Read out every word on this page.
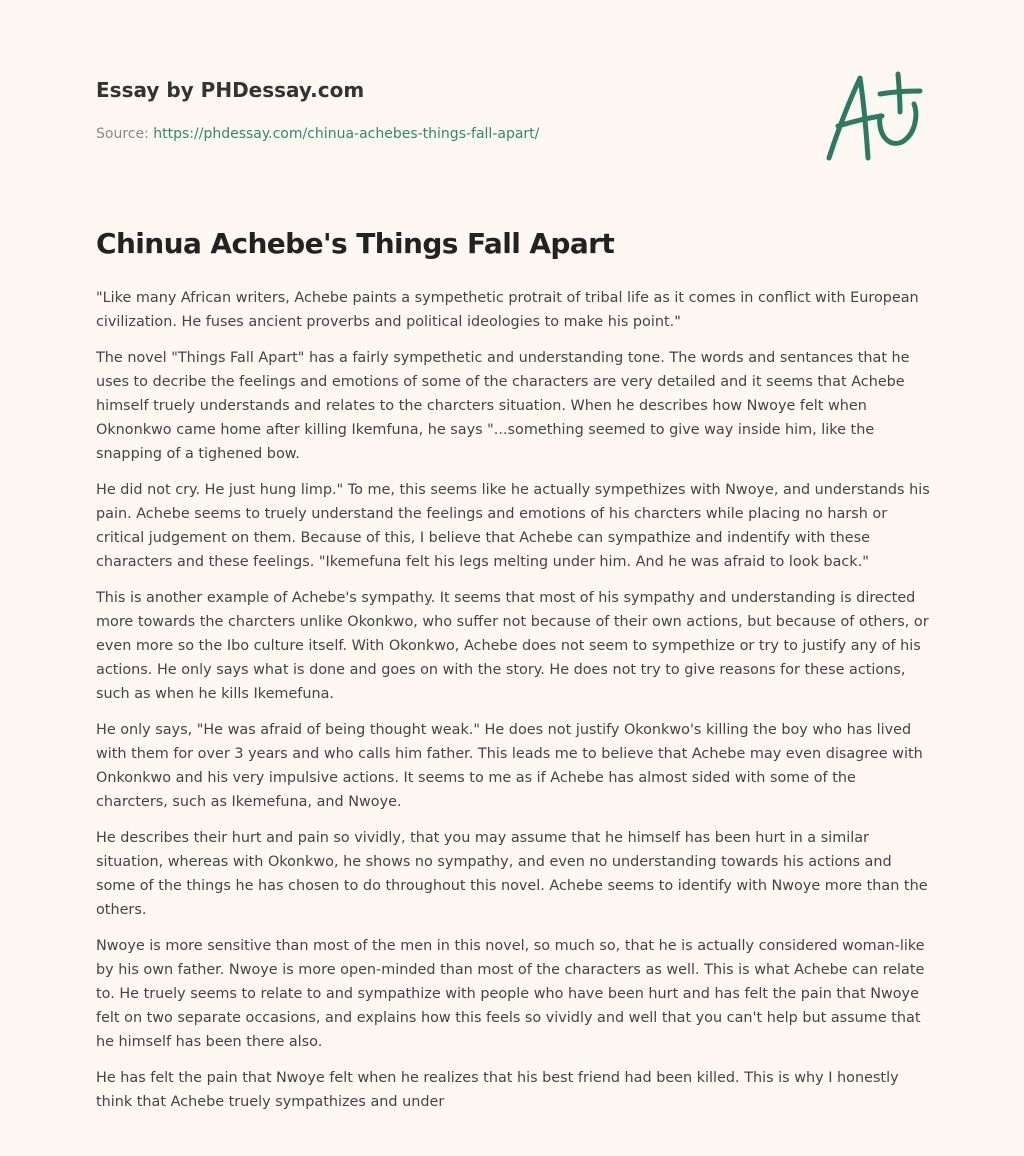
Essay by PHDessay.com
Source: https://phdessay.com/chinua-achebes-things-fall-apart/
Chinua Achebe's Things Fall Apart

"Like many African writers, Achebe paints a sympethetic protrait of tribal life as it comes in conflict with European civilization. He fuses ancient proverbs and political ideologies to make his point."

The novel "Things Fall Apart" has a fairly sympethetic and understanding tone. The words and sentances that he uses to decribe the feelings and emotions of some of the characters are very detailed and it seems that Achebe himself truely understands and relates to the charcters situation. When he describes how Nwoye felt when Oknonkwo came home after killing Ikemfuna, he says "...something seemed to give way inside him, like the snapping of a tighened bow.

He did not cry. He just hung limp." To me, this seems like he actually sympethizes with Nwoye, and understands his pain. Achebe seems to truely understand the feelings and emotions of his charcters while placing no harsh or critical judgement on them. Because of this, I believe that Achebe can sympathize and indentify with these characters and these feelings. "Ikemefuna felt his legs melting under him. And he was afraid to look back."

This is another example of Achebe's sympathy. It seems that most of his sympathy and understanding is directed more towards the charcters unlike Okonkwo, who suffer not because of their own actions, but because of others, or even more so the Ibo culture itself. With Okonkwo, Achebe does not seem to sympethize or try to justify any of his actions. He only says what is done and goes on with the story. He does not try to give reasons for these actions, such as when he kills Ikemefuna.

He only says, "He was afraid of being thought weak." He does not justify Okonkwo's killing the boy who has lived with them for over 3 years and who calls him father. This leads me to believe that Achebe may even disagree with Onkonkwo and his very impulsive actions. It seems to me as if Achebe has almost sided with some of the charcters, such as Ikemefuna, and Nwoye.

He describes their hurt and pain so vividly, that you may assume that he himself has been hurt in a similar situation, whereas with Okonkwo, he shows no sympathy, and even no understanding towards his actions and some of the things he has chosen to do throughout this novel. Achebe seems to identify with Nwoye more than the others.

Nwoye is more sensitive than most of the men in this novel, so much so, that he is actually considered woman-like by his own father. Nwoye is more open-minded than most of the characters as well. This is what Achebe can relate to. He truely seems to relate to and sympathize with people who have been hurt and has felt the pain that Nwoye felt on two separate occasions, and explains how this feels so vividly and well that you can't help but assume that he himself has been there also.

He has felt the pain that Nwoye felt when he realizes that his best friend had been killed. This is why I honestly think that Achebe truely sympathizes and under
